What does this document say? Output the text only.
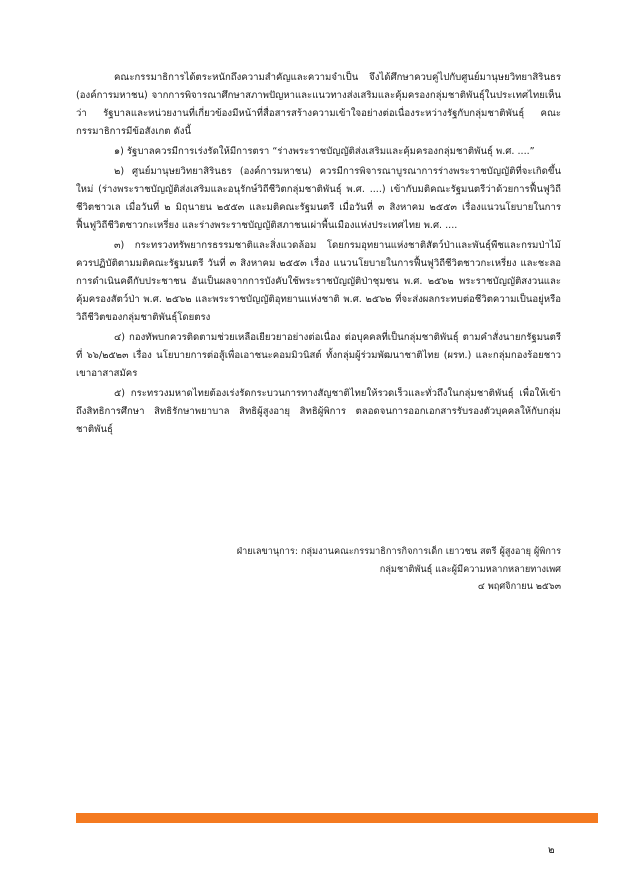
คณะกรรมาธิการได้ตระหนักถึงความสำคัญและความจำเป็น จึงได้ศึกษาควบคู่ไปกับศูนย์มานุษยวิทยาสิรินธร (องค์การมหาชน) จากการพิจารณาศึกษาสภาพปัญหาและแนวทางส่งเสริมและคุ้มครองกลุ่มชาติพันธุ์ในประเทศไทยเห็นว่า รัฐบาลและหน่วยงานที่เกี่ยวข้องมีหน้าที่สื่อสารสร้างความเข้าใจอย่างต่อเนื่องระหว่างรัฐกับกลุ่มชาติพันธุ์ คณะกรรมาธิการมีข้อสังเกต ดังนี้

๑) รัฐบาลควรมีการเร่งรัดให้มีการตรา “ร่างพระราชบัญญัติส่งเสริมและคุ้มครองกลุ่มชาติพันธุ์ พ.ศ. ....”

๒) ศูนย์มานุษยวิทยาสิรินธร (องค์การมหาชน) ควรมีการพิจารณาบูรณาการร่างพระราชบัญญัติที่จะเกิดขึ้นใหม่ (ร่างพระราชบัญญัติส่งเสริมและอนุรักษ์วิถีชีวิตกลุ่มชาติพันธุ์ พ.ศ. ....) เข้ากับมติคณะรัฐมนตรีว่าด้วยการฟื้นฟูวิถีชีวิตชาวเล เมื่อวันที่ ๒ มิถุนายน ๒๕๕๓ และมติคณะรัฐมนตรี เมื่อวันที่ ๓ สิงหาคม ๒๕๕๓ เรื่องแนวนโยบายในการฟื้นฟูวิถีชีวิตชาวกะเหรี่ยง และร่างพระราชบัญญัติสภาชนเผ่าพื้นเมืองแห่งประเทศไทย พ.ศ. ....

๓) กระทรวงทรัพยากรธรรมชาติและสิ่งแวดล้อม โดยกรมอุทยานแห่งชาติสัตว์ป่าและพันธุ์พืชและกรมป่าไม้ ควรปฏิบัติตามมติคณะรัฐมนตรี วันที่ ๓ สิงหาคม ๒๕๕๓ เรื่อง แนวนโยบายในการฟื้นฟูวิถีชีวิตชาวกะเหรี่ยง และชะลอการดำเนินคดีกับประชาชน อันเป็นผลจากการบังคับใช้พระราชบัญญัติป่าชุมชน พ.ศ. ๒๕๖๒ พระราชบัญญัติสงวนและคุ้มครองสัตว์ป่า พ.ศ. ๒๕๖๒ และพระราชบัญญัติอุทยานแห่งชาติ พ.ศ. ๒๕๖๒ ที่จะส่งผลกระทบต่อชีวิตความเป็นอยู่หรือวิถีชีวิตของกลุ่มชาติพันธุ์โดยตรง

๔) กองทัพบกควรติดตามช่วยเหลือเยียวยาอย่างต่อเนื่อง ต่อบุคคลที่เป็นกลุ่มชาติพันธุ์ ตามคำสั่งนายกรัฐมนตรีที่ ๖๖/๒๕๒๓ เรื่อง นโยบายการต่อสู้เพื่อเอาชนะคอมมิวนิสต์ ทั้งกลุ่มผู้ร่วมพัฒนาชาติไทย (ผรท.) และกลุ่มกองร้อยชาวเขาอาสาสมัคร

๕) กระทรวงมหาดไทยต้องเร่งรัดกระบวนการทางสัญชาติไทยให้รวดเร็วและทั่วถึงในกลุ่มชาติพันธุ์ เพื่อให้เข้าถึงสิทธิการศึกษา สิทธิรักษาพยาบาล สิทธิผู้สูงอายุ สิทธิผู้พิการ ตลอดจนการออกเอกสารรับรองตัวบุคคลให้กับกลุ่มชาติพันธุ์

ฝ่ายเลขานุการ: กลุ่มงานคณะกรรมาธิการกิจการเด็ก เยาวชน สตรี ผู้สูงอายุ ผู้พิการ
กลุ่มชาติพันธุ์ และผู้มีความหลากหลายทางเพศ
๔ พฤศจิกายน ๒๕๖๓
๒
